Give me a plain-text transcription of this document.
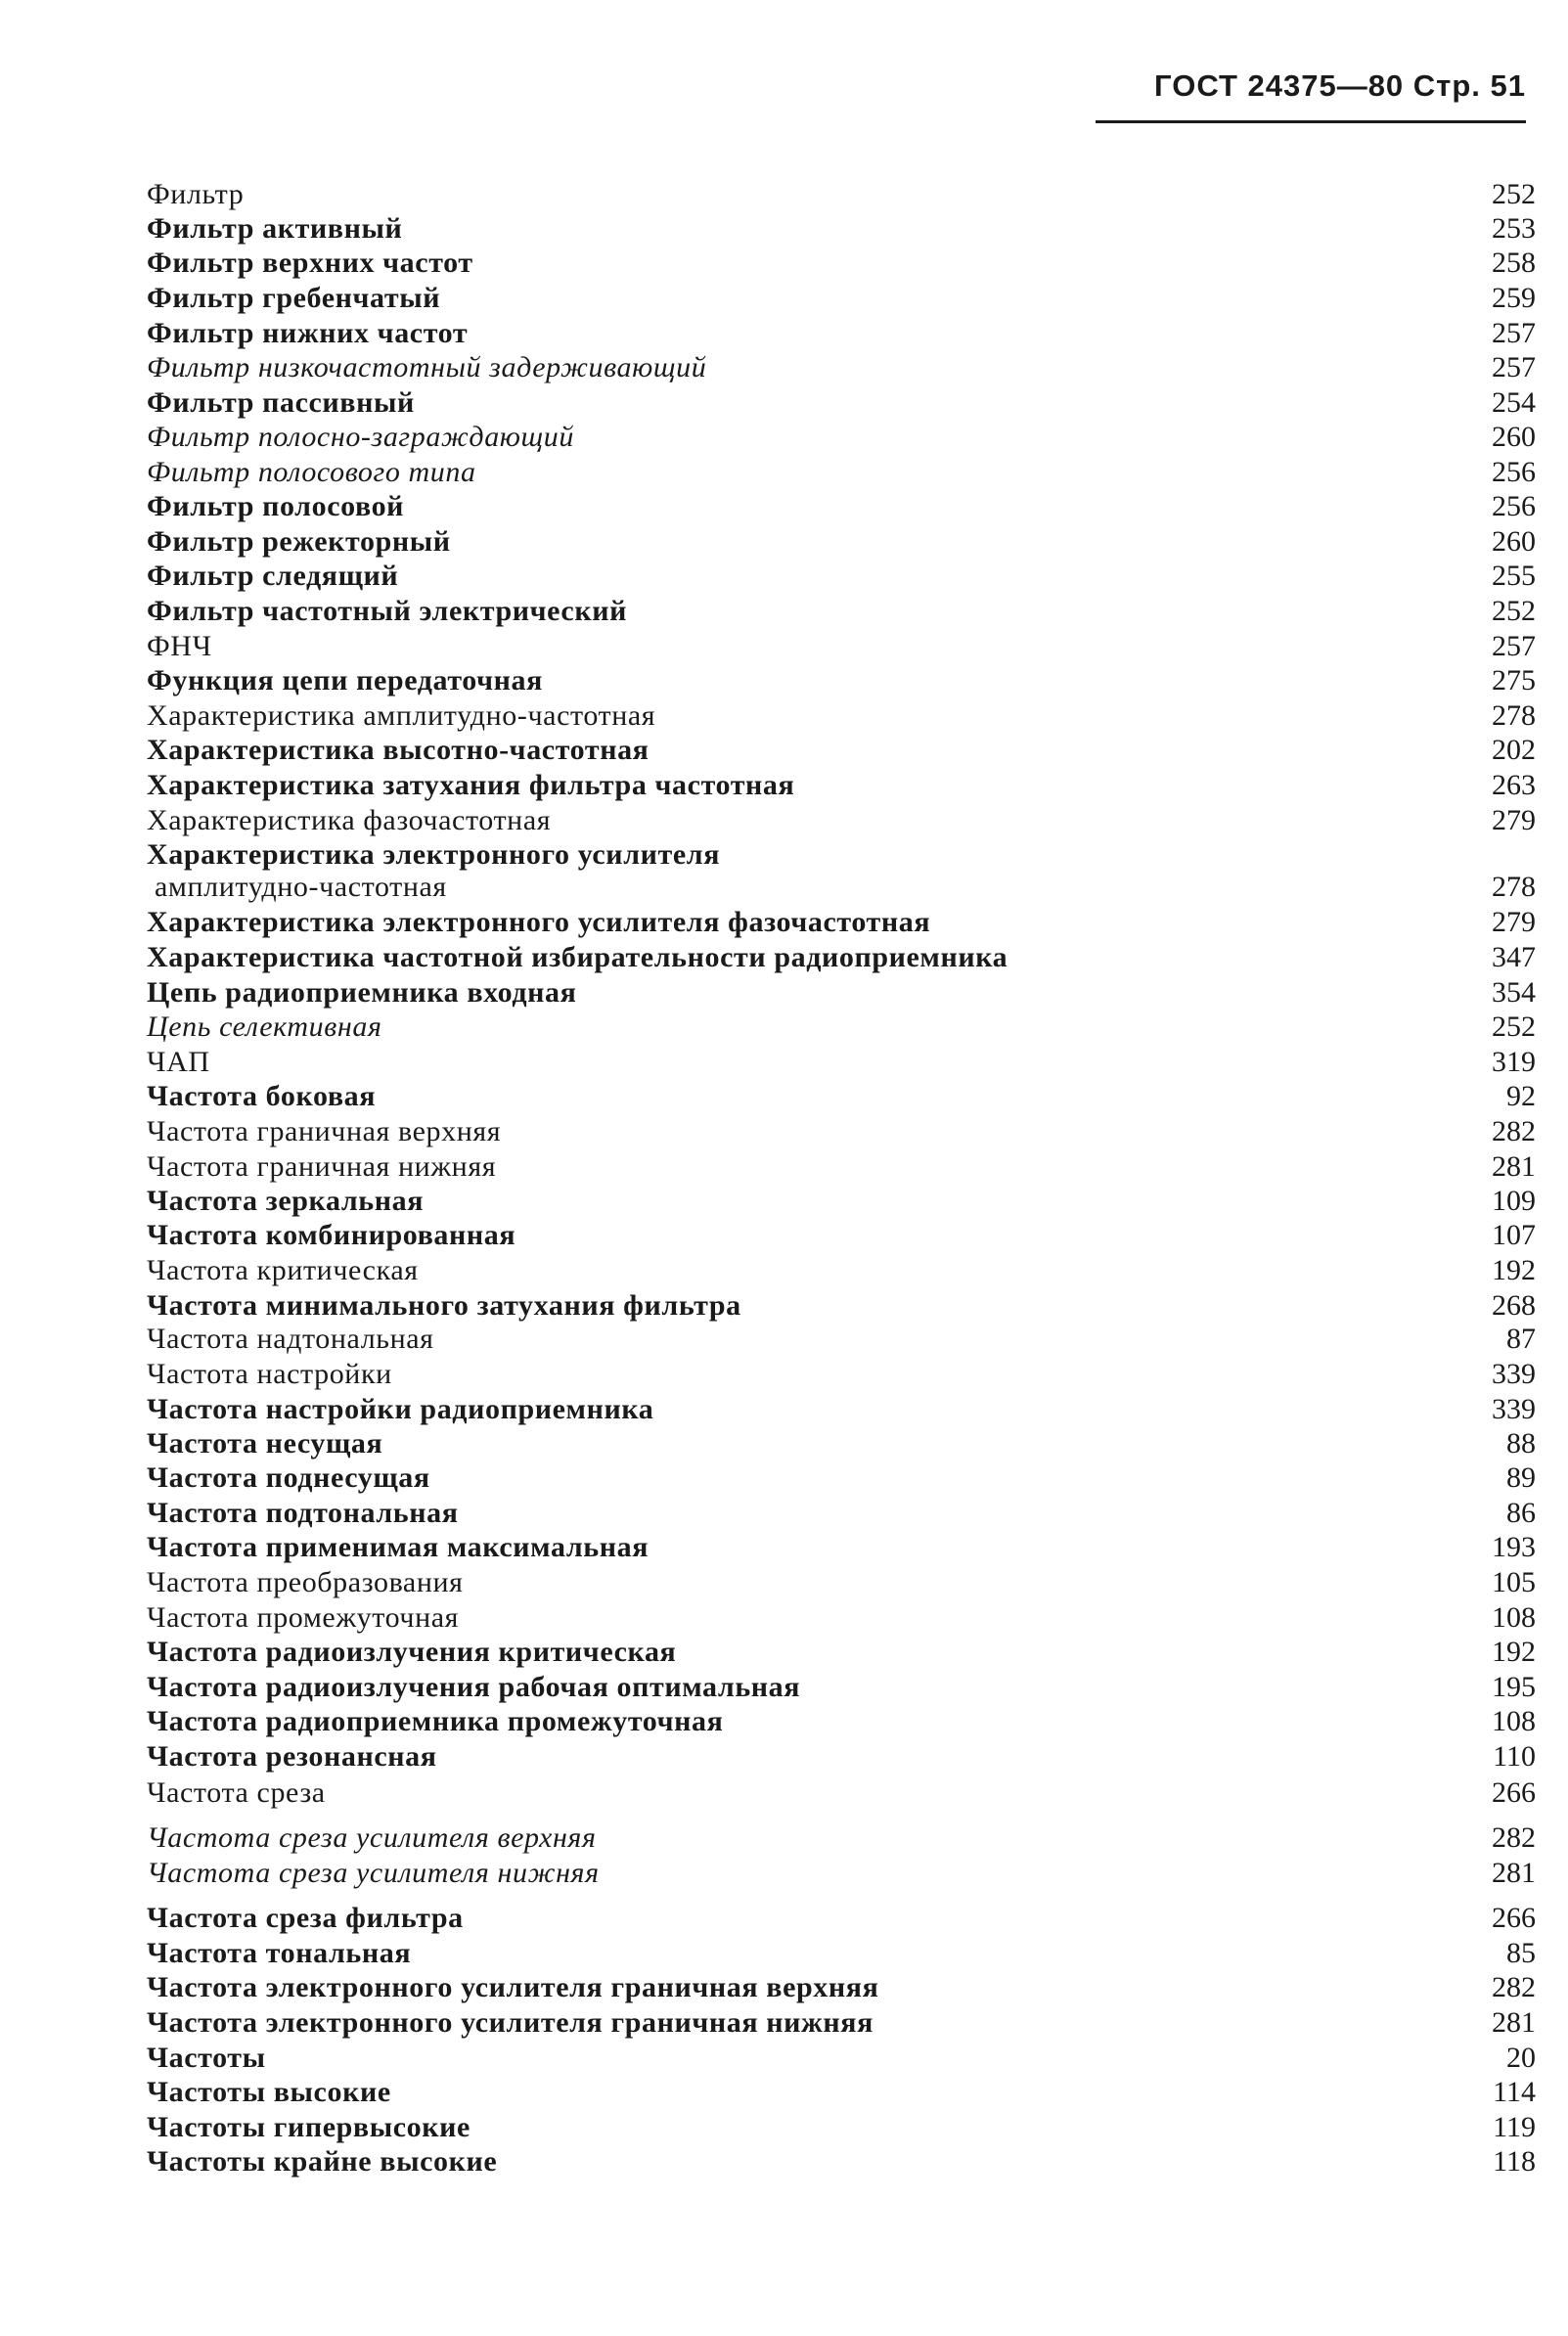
ГОСТ 24375—80 Стр. 51
Фильтр	252
Фильтр активный	253
Фильтр верхних частот	258
Фильтр гребенчатый	259
Фильтр нижних частот	257
Фильтр низкочастотный задерживающий	257
Фильтр пассивный	254
Фильтр полосно-заграждающий	260
Фильтр полосового типа	256
Фильтр полосовой	256
Фильтр режекторный	260
Фильтр следящий	255
Фильтр частотный электрический	252
ФНЧ	257
Функция цепи передаточная	275
Характеристика амплитудно-частотная	278
Характеристика высотно-частотная	202
Характеристика затухания фильтра частотная	263
Характеристика фазочастотная	279
Характеристика электронного усилителя
амплитудно-частотная	278
Характеристика электронного усилителя фазочастотная	279
Характеристика частотной избирательности радиоприемника	347
Цепь радиоприемника входная	354
Цепь селективная	252
ЧАП	319
Частота боковая	92
Частота граничная верхняя	282
Частота граничная нижняя	281
Частота зеркальная	109
Частота комбинированная	107
Частота критическая	192
Частота минимального затухания фильтра	268
Частота надтональная	87
Частота настройки	339
Частота настройки радиоприемника	339
Частота несущая	88
Частота поднесущая	89
Частота подтональная	86
Частота применимая максимальная	193
Частота преобразования	105
Частота промежуточная	108
Частота радиоизлучения критическая	192
Частота радиоизлучения рабочая оптимальная	195
Частота радиоприемника промежуточная	108
Частота резонансная	110
Частота среза	266
Частота среза усилителя верхняя	282
Частота среза усилителя нижняя	281
Частота среза фильтра	266
Частота тональная	85
Частота электронного усилителя граничная верхняя	282
Частота электронного усилителя граничная нижняя	281
Частоты	20
Частоты высокие	114
Частоты гипервысокие	119
Частоты крайне высокие	118
